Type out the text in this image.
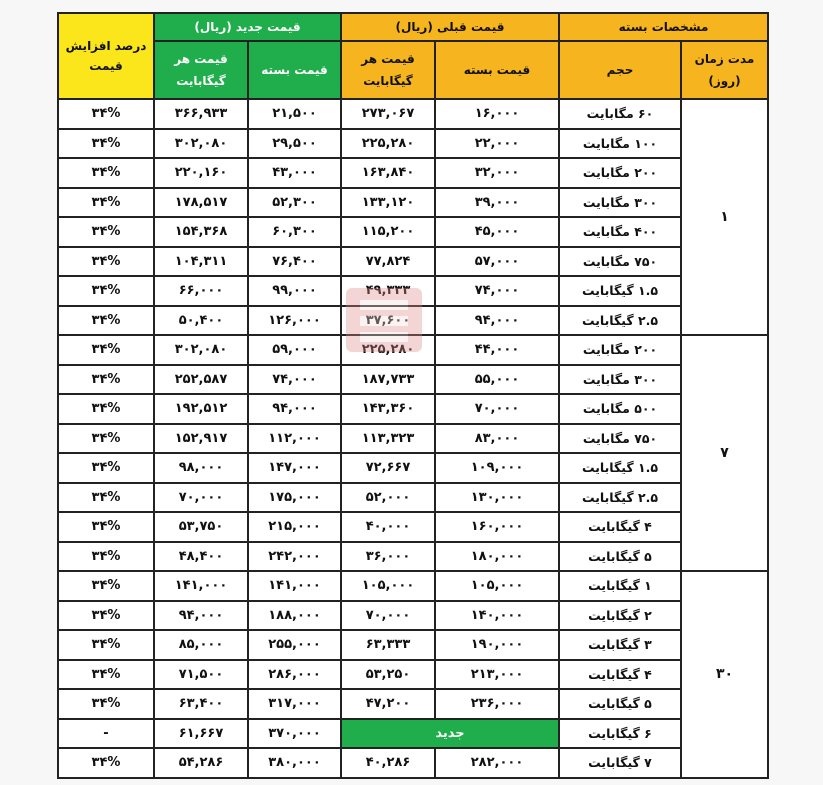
مشخصات بسته		قیمت قبلی (ریال)		قیمت جدید (ریال)		درصد افزایش قیمت
مدت زمان (روز)	حجم	قیمت بسته	قیمت هر گیگابایت	قیمت بسته	قیمت هر گیگابایت	
۱	۶۰ مگابایت	۱۶,۰۰۰	۲۷۳,۰۶۷	۲۱,۵۰۰	۳۶۶,۹۳۳	۳۴%
	۱۰۰ مگابایت	۲۲,۰۰۰	۲۲۵,۲۸۰	۲۹,۵۰۰	۳۰۲,۰۸۰	۳۴%
	۲۰۰ مگابایت	۳۲,۰۰۰	۱۶۳,۸۴۰	۴۳,۰۰۰	۲۲۰,۱۶۰	۳۴%
	۳۰۰ مگابایت	۳۹,۰۰۰	۱۳۳,۱۲۰	۵۲,۳۰۰	۱۷۸,۵۱۷	۳۴%
	۴۰۰ مگابایت	۴۵,۰۰۰	۱۱۵,۲۰۰	۶۰,۳۰۰	۱۵۴,۳۶۸	۳۴%
	۷۵۰ مگابایت	۵۷,۰۰۰	۷۷,۸۲۴	۷۶,۴۰۰	۱۰۴,۳۱۱	۳۴%
	۱.۵ گیگابایت	۷۴,۰۰۰	۴۹,۳۳۳	۹۹,۰۰۰	۶۶,۰۰۰	۳۴%
	۲.۵ گیگابایت	۹۴,۰۰۰	۳۷,۶۰۰	۱۲۶,۰۰۰	۵۰,۴۰۰	۳۴%
۷	۲۰۰ مگابایت	۴۴,۰۰۰	۲۲۵,۲۸۰	۵۹,۰۰۰	۳۰۲,۰۸۰	۳۴%
	۳۰۰ مگابایت	۵۵,۰۰۰	۱۸۷,۷۳۳	۷۴,۰۰۰	۲۵۲,۵۸۷	۳۴%
	۵۰۰ مگابایت	۷۰,۰۰۰	۱۴۳,۳۶۰	۹۴,۰۰۰	۱۹۲,۵۱۲	۳۴%
	۷۵۰ مگابایت	۸۳,۰۰۰	۱۱۳,۳۲۳	۱۱۲,۰۰۰	۱۵۲,۹۱۷	۳۴%
	۱.۵ گیگابایت	۱۰۹,۰۰۰	۷۲,۶۶۷	۱۴۷,۰۰۰	۹۸,۰۰۰	۳۴%
	۲.۵ گیگابایت	۱۳۰,۰۰۰	۵۲,۰۰۰	۱۷۵,۰۰۰	۷۰,۰۰۰	۳۴%
	۴ گیگابایت	۱۶۰,۰۰۰	۴۰,۰۰۰	۲۱۵,۰۰۰	۵۳,۷۵۰	۳۴%
	۵ گیگابایت	۱۸۰,۰۰۰	۳۶,۰۰۰	۲۴۲,۰۰۰	۴۸,۴۰۰	۳۴%
۳۰	۱ گیگابایت	۱۰۵,۰۰۰	۱۰۵,۰۰۰	۱۴۱,۰۰۰	۱۴۱,۰۰۰	۳۴%
	۲ گیگابایت	۱۴۰,۰۰۰	۷۰,۰۰۰	۱۸۸,۰۰۰	۹۴,۰۰۰	۳۴%
	۳ گیگابایت	۱۹۰,۰۰۰	۶۳,۳۳۳	۲۵۵,۰۰۰	۸۵,۰۰۰	۳۴%
	۴ گیگابایت	۲۱۳,۰۰۰	۵۳,۲۵۰	۲۸۶,۰۰۰	۷۱,۵۰۰	۳۴%
	۵ گیگابایت	۲۳۶,۰۰۰	۴۷,۲۰۰	۳۱۷,۰۰۰	۶۳,۴۰۰	۳۴%
	۶ گیگابایت	جدید		۳۷۰,۰۰۰	۶۱,۶۶۷	-
	۷ گیگابایت	۲۸۲,۰۰۰	۴۰,۲۸۶	۳۸۰,۰۰۰	۵۴,۲۸۶	۳۴%
